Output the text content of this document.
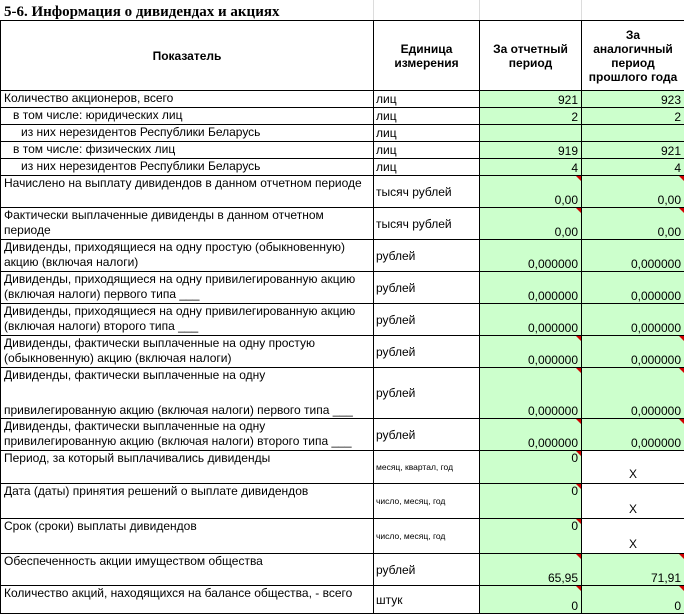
5-6. Информация о дивидендах и акциях
Показатель	Единица измерения	За отчетный период	За аналогичный период прошлого года
Количество акционеров, всего	лиц	921	923
в том числе: юридических лиц	лиц	2	2
из них нерезидентов Республики Беларусь	лиц		
в том числе: физических лиц	лиц	919	921
из них нерезидентов Республики Беларусь	лиц	4	4
Начислено на выплату дивидендов в данном отчетном периоде	тысяч рублей	0,00	0,00

Фактически выплаченные дивиденды в данном отчетном периоде	тысяч рублей	0,00	0,00

Дивиденды, приходящиеся на одну простую (обыкновенную) акцию (включая налоги)	рублей	0,000000	0,000000
Дивиденды, приходящиеся на одну привилегированную акцию (включая налоги) первого типа ___	рублей	0,000000	0,000000
Дивиденды, приходящиеся на одну привилегированную акцию (включая налоги) второго типа ___	рублей	0,000000	0,000000
Дивиденды, фактически выплаченные на одну простую (обыкновенную) акцию (включая налоги)	рублей	0,000000	0,000000

Дивиденды, фактически выплаченные на одну
привилегированную акцию (включая налоги) первого типа ___	рублей	0,000000	0,000000

Дивиденды, фактически выплаченные на одну привилегированную акцию (включая налоги) второго типа ___	рублей	0,000000	0,000000

Период, за который выплачивались дивиденды	месяц, квартал, год	0	X
Дата (даты) принятия решений о выплате дивидендов	число, месяц, год	0	X
Срок (сроки) выплаты дивидендов	число, месяц, год	0	X
Обеспеченность акции имуществом общества	рублей	65,95	71,91

Количество акций, находящихся на балансе общества, - всего	штук	0	0
